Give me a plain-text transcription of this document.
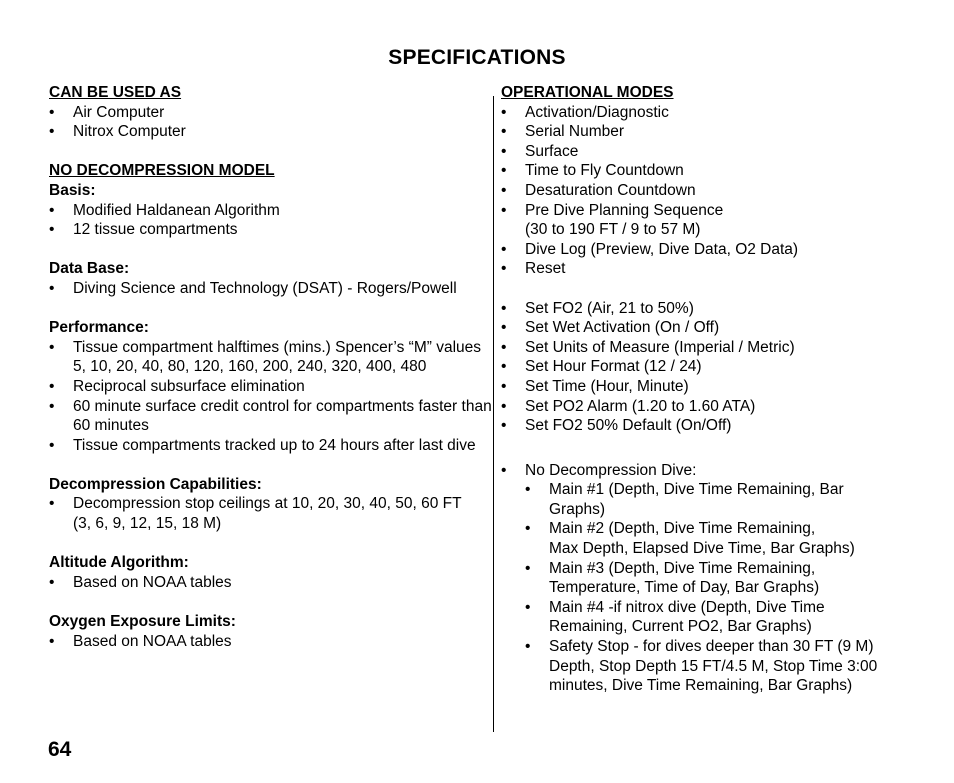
SPECIFICATIONS
CAN BE USED AS
• Air Computer
• Nitrox Computer
NO DECOMPRESSION MODEL
Basis:
• Modified Haldanean Algorithm
• 12 tissue compartments
Data Base:
• Diving Science and Technology (DSAT) - Rogers/Powell
Performance:
• Tissue compartment halftimes (mins.) Spencer’s “M” values
5, 10, 20, 40, 80, 120, 160, 200, 240, 320, 400, 480
• Reciprocal subsurface elimination
• 60 minute surface credit control for compartments faster than 60 minutes
• Tissue compartments tracked up to 24 hours after last dive
Decompression Capabilities:
• Decompression stop ceilings at 10, 20, 30, 40, 50, 60 FT
(3, 6, 9, 12, 15, 18 M)
Altitude Algorithm:
• Based on NOAA tables
Oxygen Exposure Limits:
• Based on NOAA tables
OPERATIONAL MODES
• Activation/Diagnostic
• Serial Number
• Surface
• Time to Fly Countdown
• Desaturation Countdown
• Pre Dive Planning Sequence
(30 to 190 FT / 9 to 57 M)
• Dive Log (Preview, Dive Data, O2 Data)
• Reset
• Set FO2 (Air, 21 to 50%)
• Set Wet Activation (On / Off)
• Set Units of Measure (Imperial / Metric)
• Set Hour Format (12 / 24)
• Set Time (Hour, Minute)
• Set PO2 Alarm (1.20 to 1.60 ATA)
• Set FO2 50% Default (On/Off)
• No Decompression Dive:
• Main #1 (Depth, Dive Time Remaining, Bar
Graphs)
• Main #2 (Depth, Dive Time Remaining,
Max Depth, Elapsed Dive Time, Bar Graphs)
• Main #3 (Depth, Dive Time Remaining,
Temperature, Time of Day, Bar Graphs)
• Main #4 -if nitrox dive (Depth, Dive Time
Remaining, Current PO2, Bar Graphs)
• Safety Stop - for dives deeper than 30 FT (9 M)
Depth, Stop Depth 15 FT/4.5 M, Stop Time 3:00
minutes, Dive Time Remaining, Bar Graphs)
64
